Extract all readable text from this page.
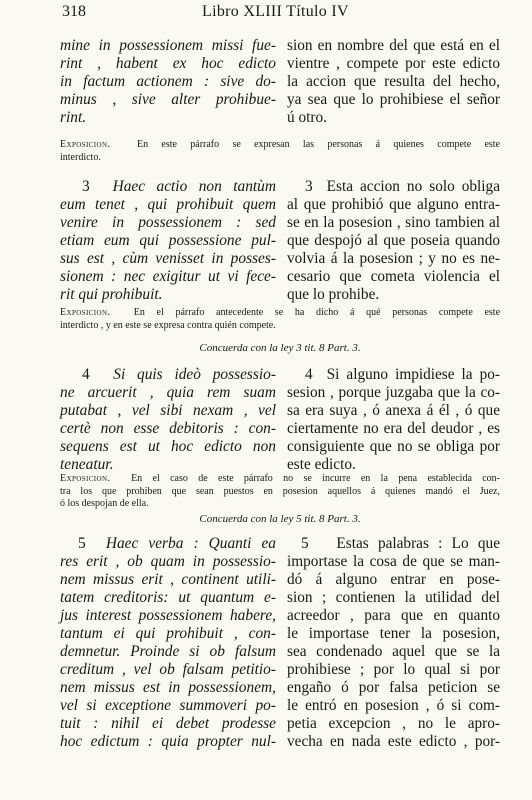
318	Libro XLIII Título IV
mine in possessionem missi fue-
rint , habent ex hoc edicto
in factum actionem : sive do-
minus , sive alter prohibue-
rint.
sion en nombre del que está en el
vientre , compete por este edicto
la accion que resulta del hecho,
ya sea que lo prohibiese el señor
ú otro.
Exposicion.	En este párrafo se expresan las personas á quienes compete este
interdicto.
3 Haec actio non tantùm
eum tenet , qui prohibuit quem
venire in possessionem : sed
etiam eum qui possessione pul-
sus est , cùm venisset in posses-
sionem : nec exigitur ut vi fece-
rit qui prohibuit.
3 Esta accion no solo obliga
al que prohibió que alguno entra-
se en la posesion , sino tambien al
que despojó al que poseia quando
volvia á la posesion ; y no es ne-
cesario que cometa violencia el
que lo prohibe.
Exposicion. En el párrafo antecedente se ha dicho á qué personas compete este
interdicto , y en este se expresa contra quién compete.
Concuerda con la ley 3 tit. 8 Part. 3.
4 Si quis ideò possessio-
ne arcuerit , quia rem suam
putabat , vel sibi nexam , vel
certè non esse debitoris : con-
sequens est ut hoc edicto non
teneatur.
4 Si alguno impidiese la po-
sesion , porque juzgaba que la co-
sa era suya , ó anexa á él , ó que
ciertamente no era del deudor , es
consiguiente que no se obliga por
este edicto.
Exposicion. En el caso de este párrafo no se incurre en la pena establecida con-
tra los que prohiben que sean puestos en posesion aquellos á quienes mandó el Juez,
ó los despojan de ella.
Concuerda con la ley 5 tit. 8 Part. 3.
5 Haec verba : Quanti ea
res erit , ob quam in possessio-
nem missus erit , continent utili-
tatem creditoris: ut quantum e-
jus interest possessionem habere,
tantum ei qui prohibuit , con-
demnetur. Proinde si ob falsum
creditum , vel ob falsam petitio-
nem missus est in possessionem,
vel si exceptione summoveri po-
tuit : nihil ei debet prodesse
hoc edictum : quia propter nul-
5 Estas palabras : Lo que
importase la cosa de que se man-
dó á alguno entrar en pose-
sion ; contienen la utilidad del
acreedor , para que en quanto
le importase tener la posesion,
sea condenado aquel que se la
prohibiese ; por lo qual si por
engaño ó por falsa peticion se
le entró en posesion , ó si com-
petia excepcion , no le apro-
vecha en nada este edicto , por-
